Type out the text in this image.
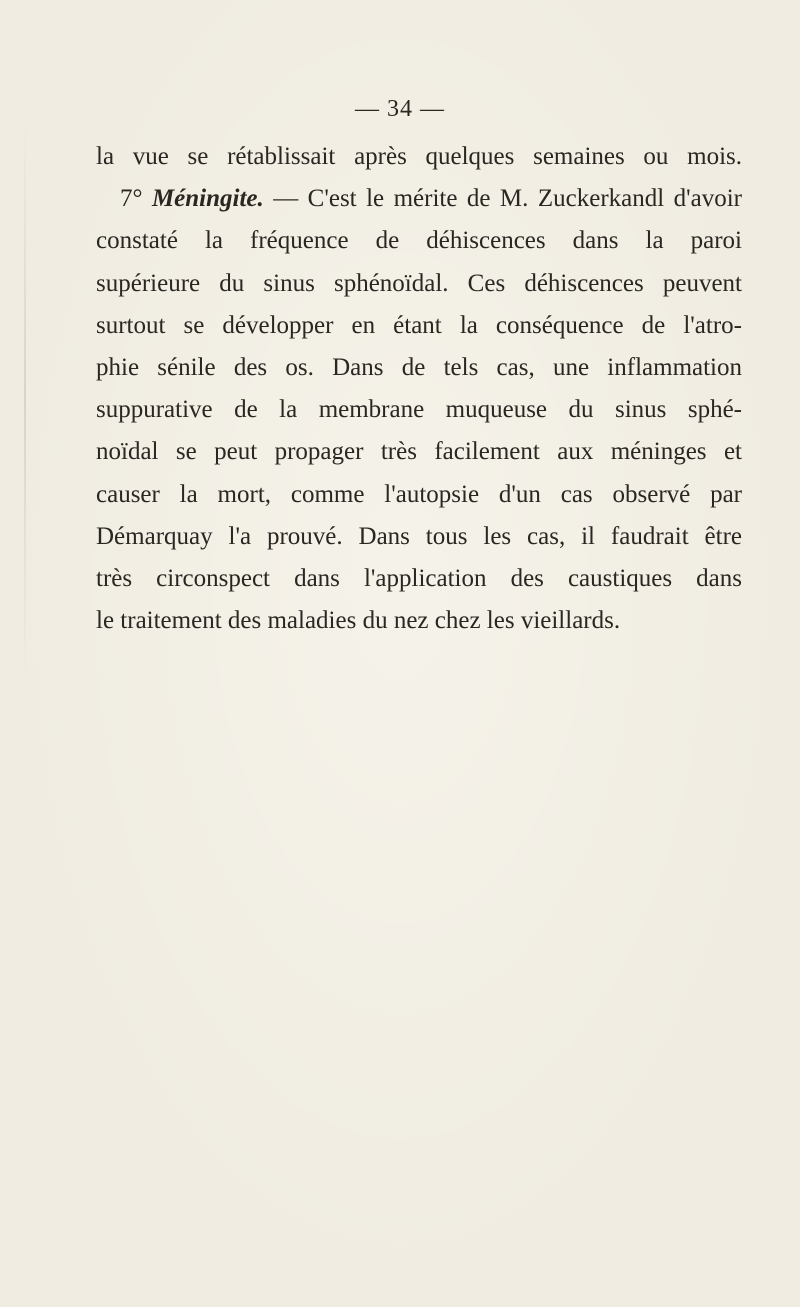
— 34 —
la vue se rétablissait après quelques semaines ou mois.
7° Méningite. — C'est le mérite de M. Zuckerkandl d'avoir
constaté la fréquence de déhiscences dans la paroi
supérieure du sinus sphénoïdal. Ces déhiscences peuvent
surtout se développer en étant la conséquence de l'atro-
phie sénile des os. Dans de tels cas, une inflammation
suppurative de la membrane muqueuse du sinus sphé-
noïdal se peut propager très facilement aux méninges et
causer la mort, comme l'autopsie d'un cas observé par
Démarquay l'a prouvé. Dans tous les cas, il faudrait être
très circonspect dans l'application des caustiques dans
le traitement des maladies du nez chez les vieillards.
